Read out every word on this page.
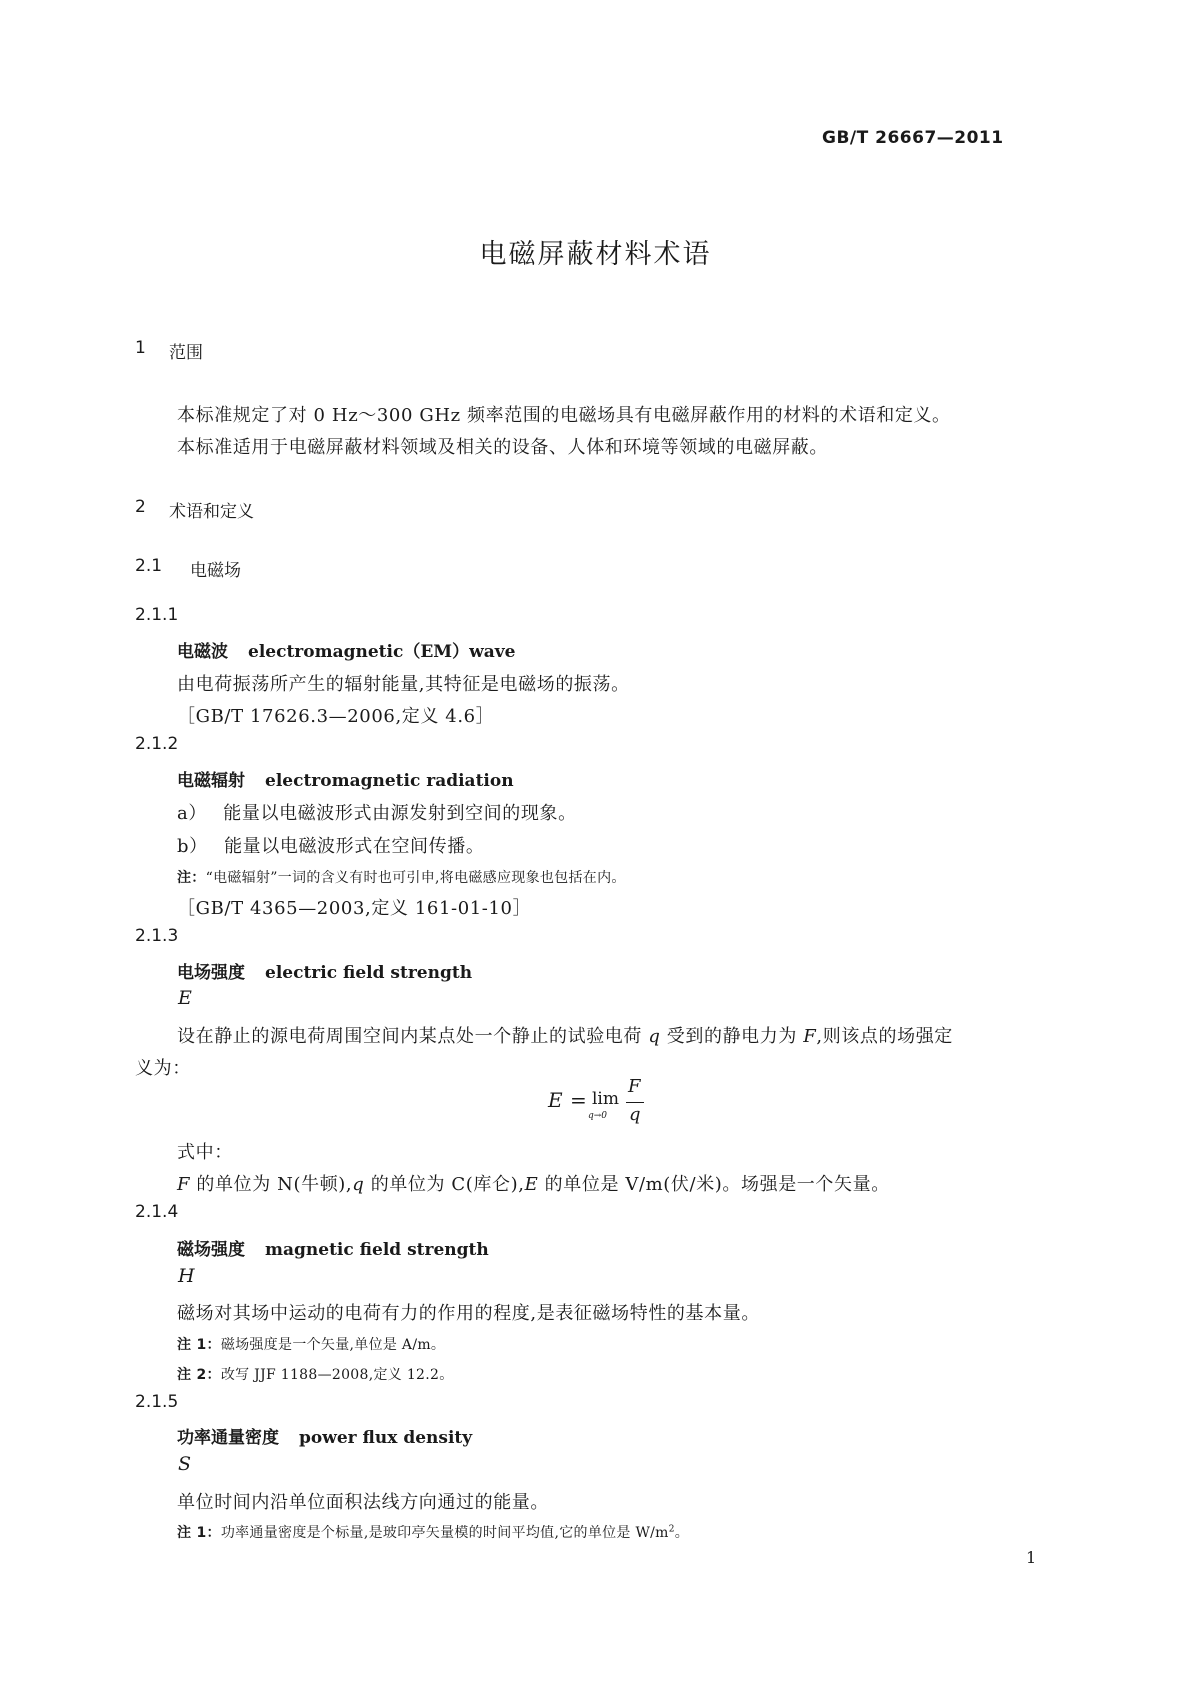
GB/T 26667—2011
电磁屏蔽材料术语
1 范围
本标准规定了对 0 Hz～300 GHz 频率范围的电磁场具有电磁屏蔽作用的材料的术语和定义。
本标准适用于电磁屏蔽材料领域及相关的设备、人体和环境等领域的电磁屏蔽。
2 术语和定义
2.1 电磁场
2.1.1
电磁波 electromagnetic（EM）wave
由电荷振荡所产生的辐射能量,其特征是电磁场的振荡。
［GB/T 17626.3—2006,定义 4.6］
2.1.2
电磁辐射 electromagnetic radiation
a） 能量以电磁波形式由源发射到空间的现象。
b） 能量以电磁波形式在空间传播。
注：“电磁辐射”一词的含义有时也可引申,将电磁感应现象也包括在内。
［GB/T 4365—2003,定义 161-01-10］
2.1.3
电场强度 electric field strength
E
设在静止的源电荷周围空间内某点处一个静止的试验电荷 q 受到的静电力为 F,则该点的场强定
义为：
E = lim
q→0
F
q
式中：
F 的单位为 N(牛顿),q 的单位为 C(库仑),E 的单位是 V/m(伏/米)。场强是一个矢量。
2.1.4
磁场强度 magnetic field strength
H
磁场对其场中运动的电荷有力的作用的程度,是表征磁场特性的基本量。
注 1：磁场强度是一个矢量,单位是 A/m。
注 2：改写 JJF 1188—2008,定义 12.2。
2.1.5
功率通量密度 power flux density
S
单位时间内沿单位面积法线方向通过的能量。
注 1：功率通量密度是个标量,是玻印亭矢量模的时间平均值,它的单位是 $W/m^2$。
1
